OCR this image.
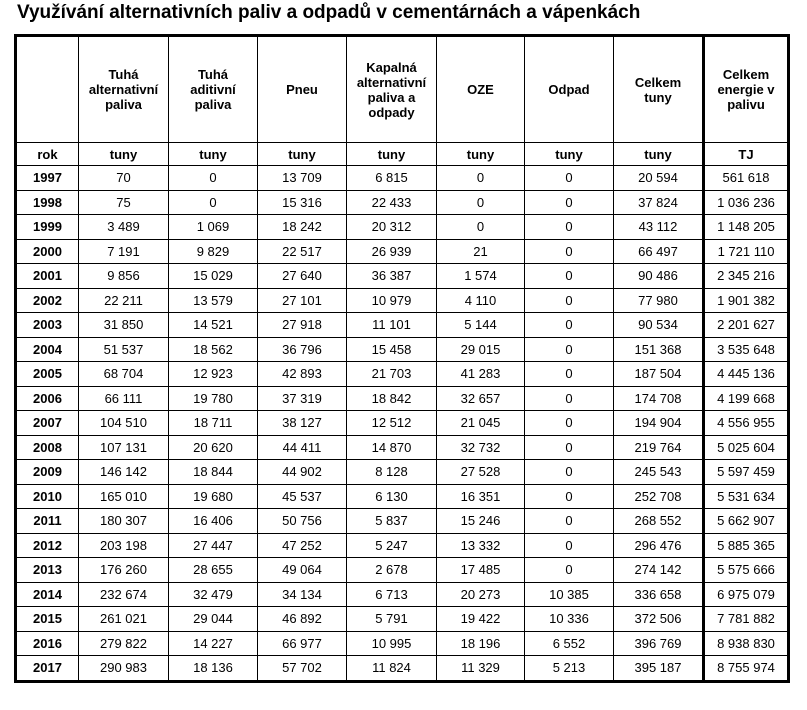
Využívání alternativních paliv a odpadů v cementárnách a vápenkách
	Tuhá alternativní paliva	Tuhá aditivní paliva	Pneu	Kapalná alternativní paliva a odpady	OZE	Odpad	Celkem tuny	Celkem energie v palivu
rok	tuny	tuny	tuny	tuny	tuny	tuny	tuny	TJ
1997	70	0	13 709	6 815	0	0	20 594	561 618
1998	75	0	15 316	22 433	0	0	37 824	1 036 236
1999	3 489	1 069	18 242	20 312	0	0	43 112	1 148 205
2000	7 191	9 829	22 517	26 939	21	0	66 497	1 721 110
2001	9 856	15 029	27 640	36 387	1 574	0	90 486	2 345 216
2002	22 211	13 579	27 101	10 979	4 110	0	77 980	1 901 382
2003	31 850	14 521	27 918	11 101	5 144	0	90 534	2 201 627
2004	51 537	18 562	36 796	15 458	29 015	0	151 368	3 535 648
2005	68 704	12 923	42 893	21 703	41 283	0	187 504	4 445 136
2006	66 111	19 780	37 319	18 842	32 657	0	174 708	4 199 668
2007	104 510	18 711	38 127	12 512	21 045	0	194 904	4 556 955
2008	107 131	20 620	44 411	14 870	32 732	0	219 764	5 025 604
2009	146 142	18 844	44 902	8 128	27 528	0	245 543	5 597 459
2010	165 010	19 680	45 537	6 130	16 351	0	252 708	5 531 634
2011	180 307	16 406	50 756	5 837	15 246	0	268 552	5 662 907
2012	203 198	27 447	47 252	5 247	13 332	0	296 476	5 885 365
2013	176 260	28 655	49 064	2 678	17 485	0	274 142	5 575 666
2014	232 674	32 479	34 134	6 713	20 273	10 385	336 658	6 975 079
2015	261 021	29 044	46 892	5 791	19 422	10 336	372 506	7 781 882
2016	279 822	14 227	66 977	10 995	18 196	6 552	396 769	8 938 830
2017	290 983	18 136	57 702	11 824	11 329	5 213	395 187	8 755 974
